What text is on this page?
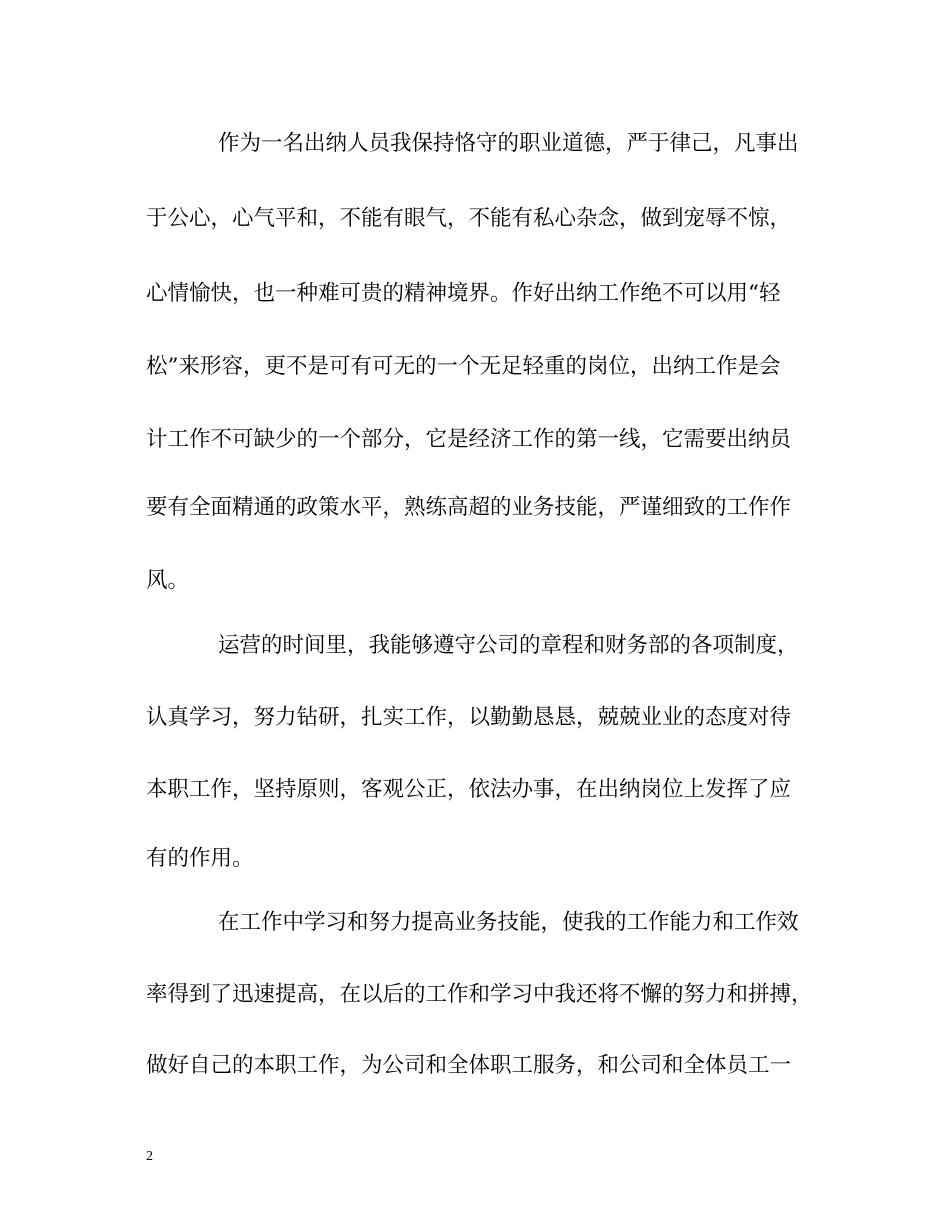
作为一名出纳人员我保持恪守的职业道德，严于律己，凡事出
于公心，心气平和，不能有眼气，不能有私心杂念，做到宠辱不惊，
心情愉快，也一种难可贵的精神境界。作好出纳工作绝不可以用“轻
松”来形容，更不是可有可无的一个无足轻重的岗位，出纳工作是会
计工作不可缺少的一个部分，它是经济工作的第一线，它需要出纳员
要有全面精通的政策水平，熟练高超的业务技能，严谨细致的工作作
风。
运营的时间里，我能够遵守公司的章程和财务部的各项制度，
认真学习，努力钻研，扎实工作，以勤勤恳恳，兢兢业业的态度对待
本职工作，坚持原则，客观公正，依法办事，在出纳岗位上发挥了应
有的作用。
在工作中学习和努力提高业务技能，使我的工作能力和工作效
率得到了迅速提高，在以后的工作和学习中我还将不懈的努力和拼搏，
做好自己的本职工作，为公司和全体职工服务，和公司和全体员工一
2
